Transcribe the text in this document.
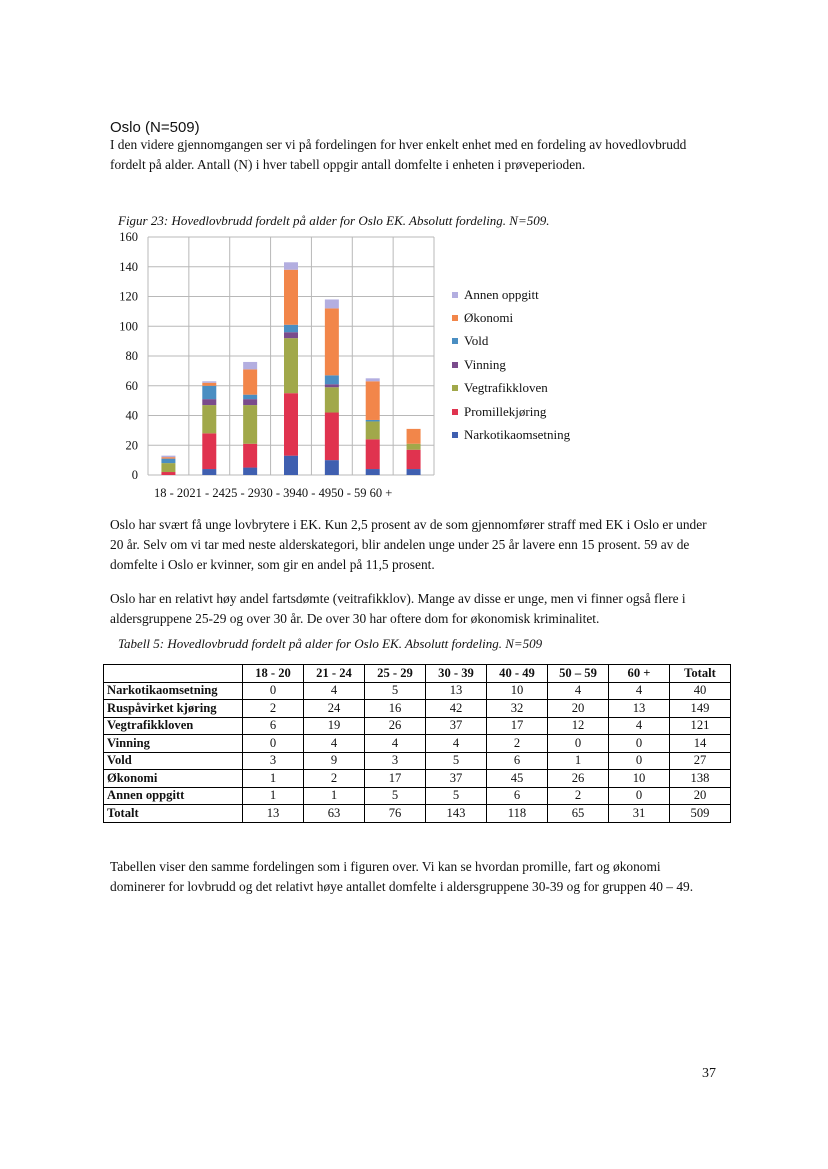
Oslo (N=509)

I den videre gjennomgangen ser vi på fordelingen for hver enkelt enhet med en fordeling av hovedlovbrudd fordelt på alder. Antall (N) i hver tabell oppgir antall domfelte i enheten i prøveperioden.

Figur 23: Hovedlovbrudd fordelt på alder for Oslo EK. Absolutt fordeling. N=509.
0
20
40
60
80
100
120
140
160
18 - 2021 - 2425 - 2930 - 3940 - 4950 - 59 60 +
Annen oppgitt
Økonomi
Vold
Vinning
Vegtrafikkloven
Promillekjøring
Narkotikaomsetning

Oslo har svært få unge lovbrytere i EK. Kun 2,5 prosent av de som gjennomfører straff med EK i Oslo er under 20 år. Selv om vi tar med neste alderskategori, blir andelen unge under 25 år lavere enn 15 prosent. 59 av de domfelte i Oslo er kvinner, som gir en andel på 11,5 prosent.

Oslo har en relativt høy andel fartsdømte (veitrafikklov). Mange av disse er unge, men vi finner også flere i aldersgruppene 25-29 og over 30 år. De over 30 har oftere dom for økonomisk kriminalitet.

Tabell 5: Hovedlovbrudd fordelt på alder for Oslo EK. Absolutt fordeling. N=509
	18 - 20	21 - 24	25 - 29	30 - 39	40 - 49	50 – 59	60 +	Totalt
Narkotikaomsetning	0	4	5	13	10	4	4	40
Ruspåvirket kjøring	2	24	16	42	32	20	13	149
Vegtrafikkloven	6	19	26	37	17	12	4	121
Vinning	0	4	4	4	2	0	0	14
Vold	3	9	3	5	6	1	0	27
Økonomi	1	2	17	37	45	26	10	138
Annen oppgitt	1	1	5	5	6	2	0	20
Totalt	13	63	76	143	118	65	31	509

Tabellen viser den samme fordelingen som i figuren over. Vi kan se hvordan promille, fart og økonomi dominerer for lovbrudd og det relativt høye antallet domfelte i aldersgruppene 30-39 og for gruppen 40 – 49.

37
